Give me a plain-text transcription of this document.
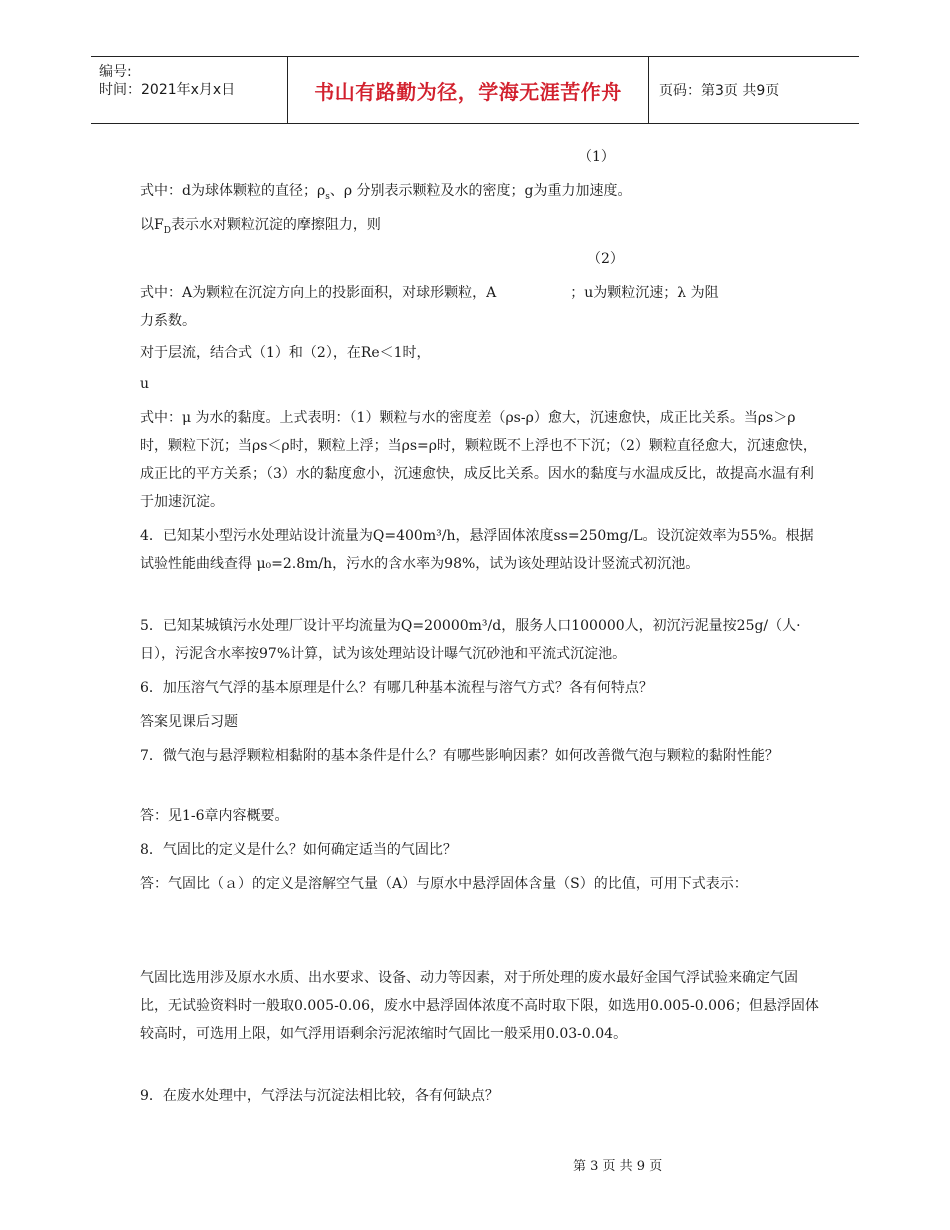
编号:
时间：2021年x月x日	书山有路勤为径，学海无涯苦作舟	页码：第3页 共9页
（1）
式中：d为球体颗粒的直径；$\rho_s$、ρ 分别表示颗粒及水的密度；g为重力加速度。
以$F_D$表示水对颗粒沉淀的摩擦阻力，则
（2）
式中：A为颗粒在沉淀方向上的投影面积，对球形颗粒，A	；u为颗粒沉速；λ 为阻
力系数。
对于层流，结合式（1）和（2），在Re＜1时，
u
式中：μ 为水的黏度。上式表明：（1）颗粒与水的密度差（ρs-ρ）愈大，沉速愈快，成正比关系。当ρs＞ρ时，颗粒下沉；当ρs＜ρ时，颗粒上浮；当ρs=ρ时，颗粒既不上浮也不下沉；（2）颗粒直径愈大，沉速愈快，成正比的平方关系；（3）水的黏度愈小，沉速愈快，成反比关系。因水的黏度与水温成反比，故提高水温有利于加速沉淀。
4．已知某小型污水处理站设计流量为Q=400m³/h，悬浮固体浓度ss=250mg/L。设沉淀效率为55%。根据试验性能曲线查得 μ₀=2.8m/h，污水的含水率为98%，试为该处理站设计竖流式初沉池。
5．已知某城镇污水处理厂设计平均流量为Q=20000m³/d，服务人口100000人，初沉污泥量按25g/（人·日），污泥含水率按97%计算，试为该处理站设计曝气沉砂池和平流式沉淀池。
6．加压溶气气浮的基本原理是什么？有哪几种基本流程与溶气方式？各有何特点？
答案见课后习题
7．微气泡与悬浮颗粒相黏附的基本条件是什么？有哪些影响因素？如何改善微气泡与颗粒的黏附性能？
答：见1-6章内容概要。
8．气固比的定义是什么？如何确定适当的气固比？
答：气固比（ａ）的定义是溶解空气量（A）与原水中悬浮固体含量（S）的比值，可用下式表示：
气固比选用涉及原水水质、出水要求、设备、动力等因素，对于所处理的废水最好金国气浮试验来确定气固比，无试验资料时一般取0.005-0.06，废水中悬浮固体浓度不高时取下限，如选用0.005-0.006；但悬浮固体较高时，可选用上限，如气浮用语剩余污泥浓缩时气固比一般采用0.03-0.04。
9．在废水处理中，气浮法与沉淀法相比较，各有何缺点？
第 3 页 共 9 页
